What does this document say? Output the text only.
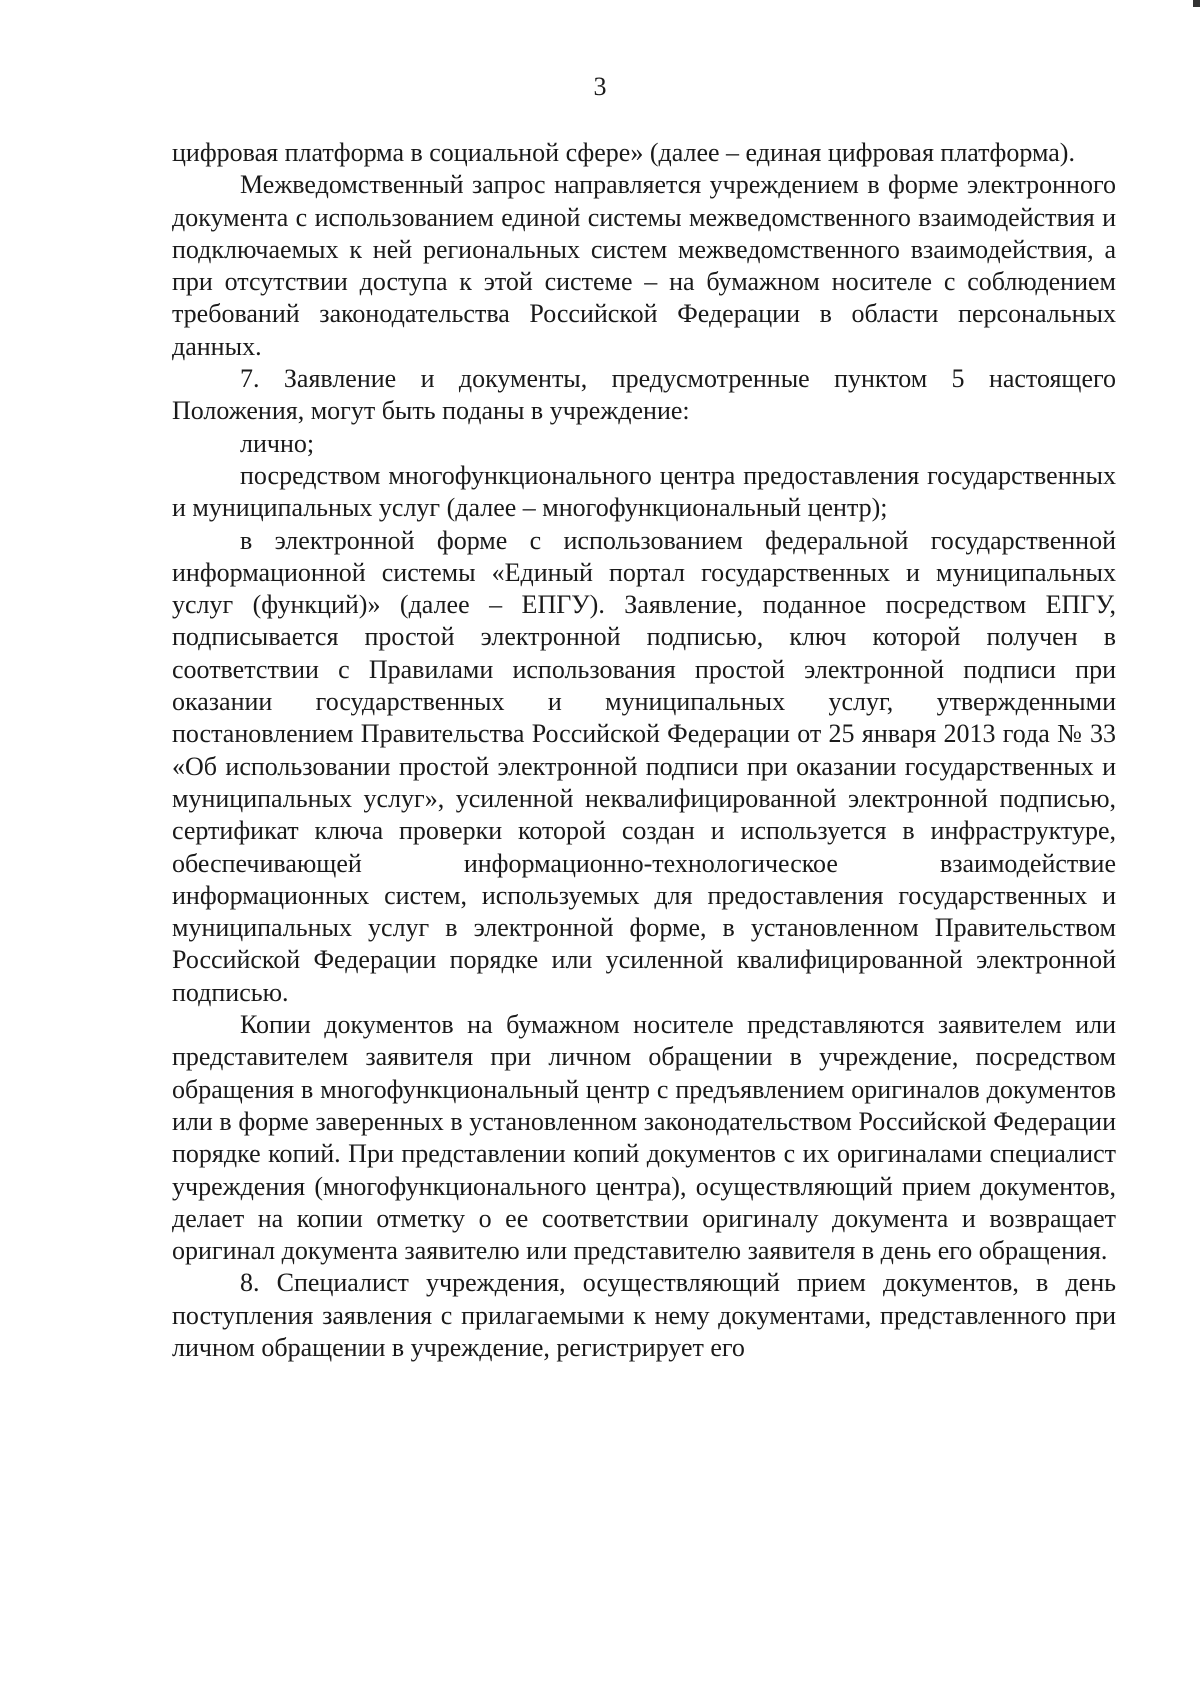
3

цифровая платформа в социальной сфере» (далее – единая цифровая платформа).

Межведомственный запрос направляется учреждением в форме электронного документа с использованием единой системы межведомственного взаимодействия и подключаемых к ней региональных систем межведомственного взаимодействия, а при отсутствии доступа к этой системе – на бумажном носителе с соблюдением требований законодательства Российской Федерации в области персональных данных.

7. Заявление и документы, предусмотренные пунктом 5 настоящего Положения, могут быть поданы в учреждение:

лично;

посредством многофункционального центра предоставления государственных и муниципальных услуг (далее – многофункциональный центр);

в электронной форме с использованием федеральной государственной информационной системы «Единый портал государственных и муниципальных услуг (функций)» (далее – ЕПГУ). Заявление, поданное посредством ЕПГУ, подписывается простой электронной подписью, ключ которой получен в соответствии с Правилами использования простой электронной подписи при оказании государственных и муниципальных услуг, утвержденными постановлением Правительства Российской Федерации от 25 января 2013 года № 33 «Об использовании простой электронной подписи при оказании государственных и муниципальных услуг», усиленной неквалифицированной электронной подписью, сертификат ключа проверки которой создан и используется в инфраструктуре, обеспечивающей информационно-технологическое взаимодействие информационных систем, используемых для предоставления государственных и муниципальных услуг в электронной форме, в установленном Правительством Российской Федерации порядке или усиленной квалифицированной электронной подписью.

Копии документов на бумажном носителе представляются заявителем или представителем заявителя при личном обращении в учреждение, посредством обращения в многофункциональный центр с предъявлением оригиналов документов или в форме заверенных в установленном законодательством Российской Федерации порядке копий. При представлении копий документов с их оригиналами специалист учреждения (многофункционального центра), осуществляющий прием документов, делает на копии отметку о ее соответствии оригиналу документа и возвращает оригинал документа заявителю или представителю заявителя в день его обращения.

8. Специалист учреждения, осуществляющий прием документов, в день поступления заявления с прилагаемыми к нему документами, представленного при личном обращении в учреждение, регистрирует его
